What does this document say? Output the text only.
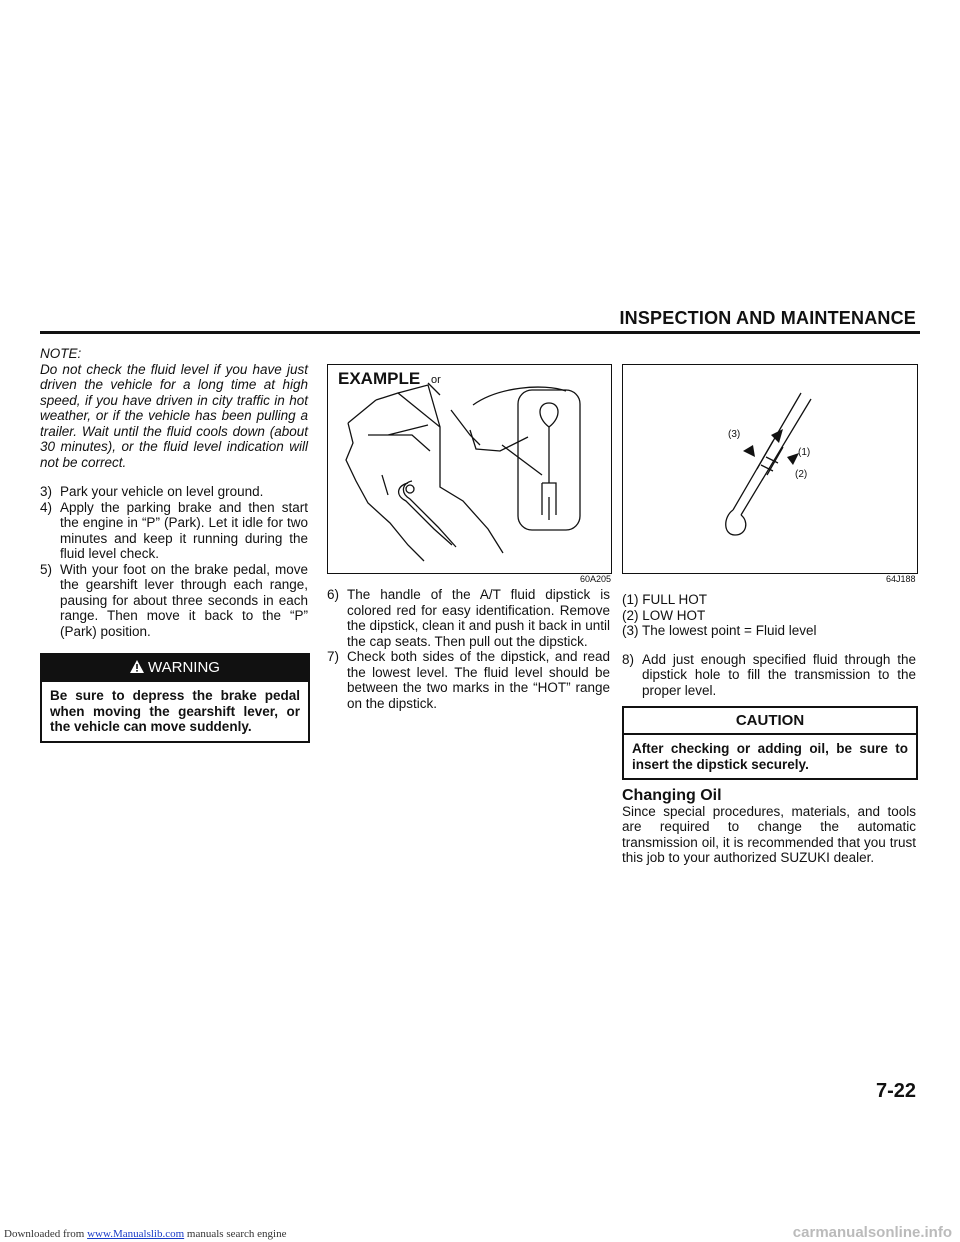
INSPECTION AND MAINTENANCE
NOTE:
Do not check the fluid level if you have just driven the vehicle for a long time at high speed, if you have driven in city traffic in hot weather, or if the vehicle has been pulling a trailer. Wait until the fluid cools down (about 30 minutes), or the fluid level indication will not be correct.
3) Park your vehicle on level ground.
4) Apply the parking brake and then start the engine in “P” (Park). Let it idle for two minutes and keep it running during the fluid level check.
5) With your foot on the brake pedal, move the gearshift lever through each range, pausing for about three seconds in each range. Then move it back to the “P” (Park) position.
WARNING
Be sure to depress the brake pedal when moving the gearshift lever, or the vehicle can move suddenly.
EXAMPLE or
60A205
6) The handle of the A/T fluid dipstick is colored red for easy identification. Remove the dipstick, clean it and push it back in until the cap seats. Then pull out the dipstick.
7) Check both sides of the dipstick, and read the lowest level. The fluid level should be between the two marks in the “HOT” range on the dipstick.
(3)
(1)
(2)
64J188
(1) FULL HOT
(2) LOW HOT
(3) The lowest point = Fluid level
8) Add just enough specified fluid through the dipstick hole to fill the transmission to the proper level.
CAUTION
After checking or adding oil, be sure to insert the dipstick securely.
Changing Oil
Since special procedures, materials, and tools are required to change the automatic transmission oil, it is recommended that you trust this job to your authorized SUZUKI dealer.
7-22
Downloaded from www.Manualslib.com manuals search engine	carmanualsonline.info
